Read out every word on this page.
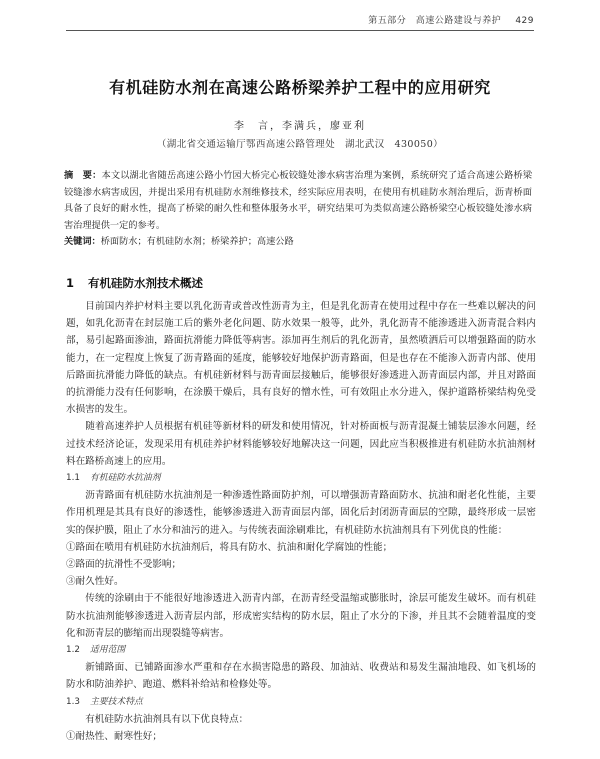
第五部分　高速公路建设与养护 429
有机硅防水剂在高速公路桥梁养护工程中的应用研究
李　言，李满兵，廖亚利
（湖北省交通运输厅鄂西高速公路管理处　湖北武汉　430050）
摘　要：本文以湖北省随岳高速公路小竹园大桥完心板铰缝处渗水病害治理为案例，系统研究了适合高速公路桥梁铰缝渗水病害成因，并提出采用有机硅防水剂维修技术，经实际应用表明，在使用有机硅防水剂治理后，沥青桥面具备了良好的耐水性，提高了桥梁的耐久性和整体服务水平，研究结果可为类似高速公路桥梁空心板铰缝处渗水病害治理提供一定的参考。
关键词：桥面防水；有机硅防水剂；桥梁养护；高速公路
1 有机硅防水剂技术概述

目前国内养护材料主要以乳化沥青或普改性沥青为主，但是乳化沥青在使用过程中存在一些难以解决的问题，如乳化沥青在封层施工后的紫外老化问题、防水效果一般等，此外，乳化沥青不能渗透进入沥青混合料内部，易引起路面渗油，路面抗滑能力降低等病害。添加再生剂后的乳化沥青，虽然喷洒后可以增强路面的防水能力，在一定程度上恢复了沥青路面的延度，能够较好地保护沥青路面，但是也存在不能渗入沥青内部、使用后路面抗滑能力降低的缺点。有机硅新材料与沥青面层接触后，能够很好渗透进入沥青面层内部，并且对路面的抗滑能力没有任何影响，在涂膜干燥后，具有良好的憎水性，可有效阻止水分进入，保护道路桥梁结构免受水损害的发生。

随着高速养护人员根据有机硅等新材料的研发和使用情况，针对桥面板与沥青混凝土铺装层渗水问题，经过技术经济论证，发现采用有机硅养护材料能够较好地解决这一问题，因此应当积极推进有机硅防水抗油剂材料在路桥高速上的应用。

1.1 有机硅防水抗油剂

沥青路面有机硅防水抗油剂是一种渗透性路面防护剂，可以增强沥青路面防水、抗油和耐老化性能，主要作用机理是其具有良好的渗透性，能够渗透进入沥青面层内部，固化后封闭沥青面层的空隙，最终形成一层密实的保护膜，阻止了水分和油污的进入。与传统表面涂刷难比，有机硅防水抗油剂具有下列优良的性能：

①路面在喷用有机硅防水抗油剂后，将具有防水、抗油和耐化学腐蚀的性能；

②路面的抗滑性不受影响；

③耐久性好。

传统的涂刷由于不能很好地渗透进入沥青内部，在沥青经受温缩或膨胀时，涂层可能发生破坏。而有机硅防水抗油剂能够渗透进入沥青层内部，形成密实结构的防水层，阻止了水分的下渗，并且其不会随着温度的变化和沥青层的膨缩而出现裂缝等病害。

1.2 适用范围

新铺路面、已铺路面渗水严重和存在水损害隐患的路段、加油站、收费站和易发生漏油地段、如飞机场的防水和防油养护、跑道、燃料补给站和检修处等。

1.3 主要技术特点

有机硅防水抗油剂具有以下优良特点：

①耐热性、耐寒性好；
